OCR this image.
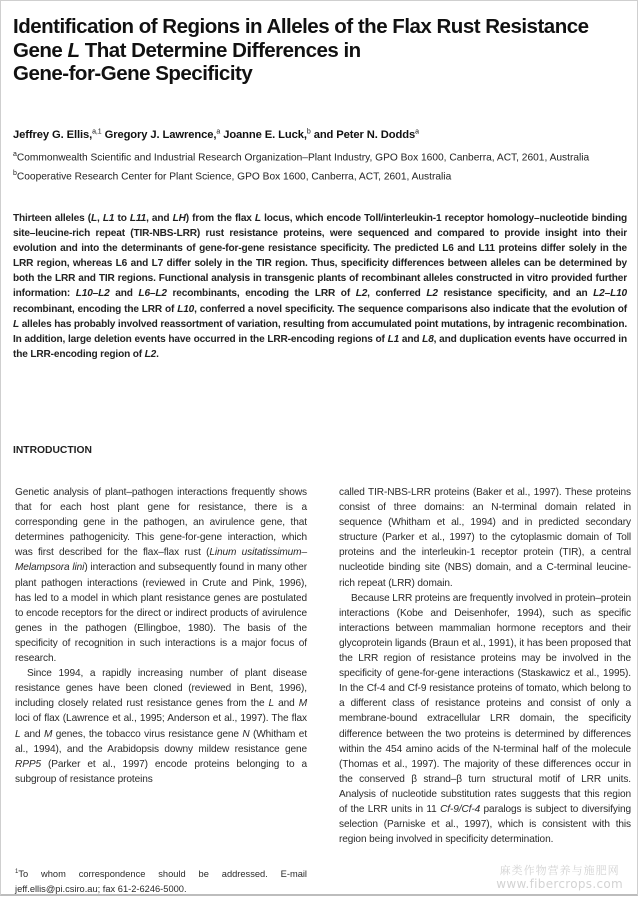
Identification of Regions in Alleles of the Flax Rust Resistance
Gene L That Determine Differences in
Gene-for-Gene Specificity
Jeffrey G. Ellis,$^{a,1}$ Gregory J. Lawrence,$^a$ Joanne E. Luck,$^b$ and Peter N. Dodds$^a$
$^a$Commonwealth Scientific and Industrial Research Organization–Plant Industry, GPO Box 1600, Canberra, ACT, 2601, Australia
$^b$Cooperative Research Center for Plant Science, GPO Box 1600, Canberra, ACT, 2601, Australia
Thirteen alleles (L, L1 to L11, and LH) from the flax L locus, which encode Toll/interleukin-1 receptor homology–nucleotide binding site–leucine-rich repeat (TIR-NBS-LRR) rust resistance proteins, were sequenced and compared to provide insight into their evolution and into the determinants of gene-for-gene resistance specificity. The predicted L6 and L11 proteins differ solely in the LRR region, whereas L6 and L7 differ solely in the TIR region. Thus, specificity differences between alleles can be determined by both the LRR and TIR regions. Functional analysis in transgenic plants of recombinant alleles constructed in vitro provided further information: L10–L2 and L6–L2 recombinants, encoding the LRR of L2, conferred L2 resistance specificity, and an L2–L10 recombinant, encoding the LRR of L10, conferred a novel specificity. The sequence comparisons also indicate that the evolution of L alleles has probably involved reassortment of variation, resulting from accumulated point mutations, by intragenic recombination. In addition, large deletion events have occurred in the LRR-encoding regions of L1 and L8, and duplication events have occurred in the LRR-encoding region of L2.
INTRODUCTION

Genetic analysis of plant–pathogen interactions frequently shows that for each host plant gene for resistance, there is a corresponding gene in the pathogen, an avirulence gene, that determines pathogenicity. This gene-for-gene interaction, which was first described for the flax–flax rust (Linum usitatissimum–Melampsora lini) interaction and subsequently found in many other plant pathogen interactions (reviewed in Crute and Pink, 1996), has led to a model in which plant resistance genes are postulated to encode receptors for the direct or indirect products of avirulence genes in the pathogen (Ellingboe, 1980). The basis of the specificity of recognition in such interactions is a major focus of research.

Since 1994, a rapidly increasing number of plant disease resistance genes have been cloned (reviewed in Bent, 1996), including closely related rust resistance genes from the L and M loci of flax (Lawrence et al., 1995; Anderson et al., 1997). The flax L and M genes, the tobacco virus resistance gene N (Whitham et al., 1994), and the Arabidopsis downy mildew resistance gene RPP5 (Parker et al., 1997) encode proteins belonging to a subgroup of resistance proteins

called TIR-NBS-LRR proteins (Baker et al., 1997). These proteins consist of three domains: an N-terminal domain related in sequence (Whitham et al., 1994) and in predicted secondary structure (Parker et al., 1997) to the cytoplasmic domain of Toll proteins and the interleukin-1 receptor protein (TIR), a central nucleotide binding site (NBS) domain, and a C-terminal leucine-rich repeat (LRR) domain.

Because LRR proteins are frequently involved in protein–protein interactions (Kobe and Deisenhofer, 1994), such as specific interactions between mammalian hormone receptors and their glycoprotein ligands (Braun et al., 1991), it has been proposed that the LRR region of resistance proteins may be involved in the specificity of gene-for-gene interactions (Staskawicz et al., 1995). In the Cf-4 and Cf-9 resistance proteins of tomato, which belong to a different class of resistance proteins and consist of only a membrane-bound extracellular LRR domain, the specificity difference between the two proteins is determined by differences within the 454 amino acids of the N-terminal half of the molecule (Thomas et al., 1997). The majority of these differences occur in the conserved β strand–β turn structural motif of LRR units. Analysis of nucleotide substitution rates suggests that this region of the LRR units in 11 Cf-9/Cf-4 paralogs is subject to diversifying selection (Parniske et al., 1997), which is consistent with this region being involved in specificity determination.

$^1$To whom correspondence should be addressed. E-mail jeff.ellis@pi.csiro.au; fax 61-2-6246-5000.
麻类作物营养与施肥网
www.fibercrops.com
